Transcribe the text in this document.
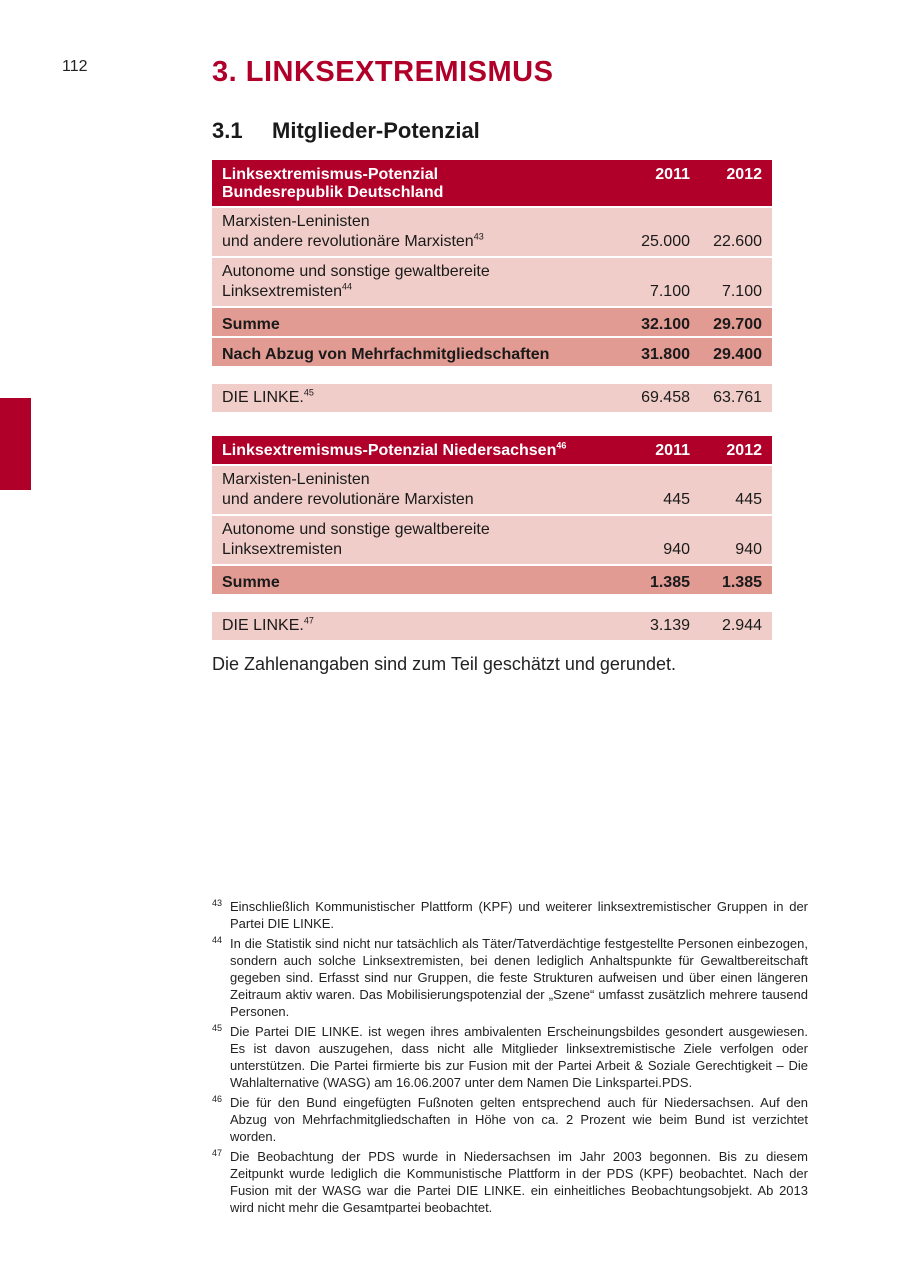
112	3. LINKSEXTREMISMUS
3.1 Mitglieder-Potenzial
Linksextremismus-Potenzial
Bundesrepublik Deutschland	2011	2012
Marxisten-Leninisten
und andere revolutionäre Marxisten$^{43}$	25.000	22.600
Autonome und sonstige gewaltbereite
Linksextremisten$^{44}$	7.100	7.100
Summe	32.100	29.700
Nach Abzug von Mehrfachmitgliedschaften	31.800	29.400

DIE LINKE.$^{45}$	69.458	63.761
Linksextremismus-Potenzial Niedersachsen$^{46}$	2011	2012
Marxisten-Leninisten
und andere revolutionäre Marxisten	445	445
Autonome und sonstige gewaltbereite
Linksextremisten	940	940
Summe	1.385	1.385

DIE LINKE.$^{47}$	3.139	2.944

Die Zahlenangaben sind zum Teil geschätzt und gerundet.

43 Einschließlich Kommunistischer Plattform (KPF) und weiterer linksextremistischer Gruppen in der Partei DIE LINKE.

44 In die Statistik sind nicht nur tatsächlich als Täter/Tatverdächtige festgestellte Personen einbezogen, sondern auch solche Linksextremisten, bei denen lediglich Anhaltspunkte für Gewaltbereitschaft gegeben sind. Erfasst sind nur Gruppen, die feste Strukturen aufweisen und über einen längeren Zeitraum aktiv waren. Das Mobilisierungspotenzial der „Szene“ umfasst zusätzlich mehrere tausend Personen.

45 Die Partei DIE LINKE. ist wegen ihres ambivalenten Erscheinungsbildes gesondert ausgewiesen. Es ist davon auszugehen, dass nicht alle Mitglieder linksextremistische Ziele verfolgen oder unterstützen. Die Partei firmierte bis zur Fusion mit der Partei Arbeit & Soziale Gerechtigkeit – Die Wahlalternative (WASG) am 16.06.2007 unter dem Namen Die Linkspartei.PDS.

46 Die für den Bund eingefügten Fußnoten gelten entsprechend auch für Niedersachsen. Auf den Abzug von Mehrfachmitgliedschaften in Höhe von ca. 2 Prozent wie beim Bund ist verzichtet worden.

47 Die Beobachtung der PDS wurde in Niedersachsen im Jahr 2003 begonnen. Bis zu diesem Zeitpunkt wurde lediglich die Kommunistische Plattform in der PDS (KPF) beobachtet. Nach der Fusion mit der WASG war die Partei DIE LINKE. ein einheitliches Beobachtungsobjekt. Ab 2013 wird nicht mehr die Gesamtpartei beobachtet.
